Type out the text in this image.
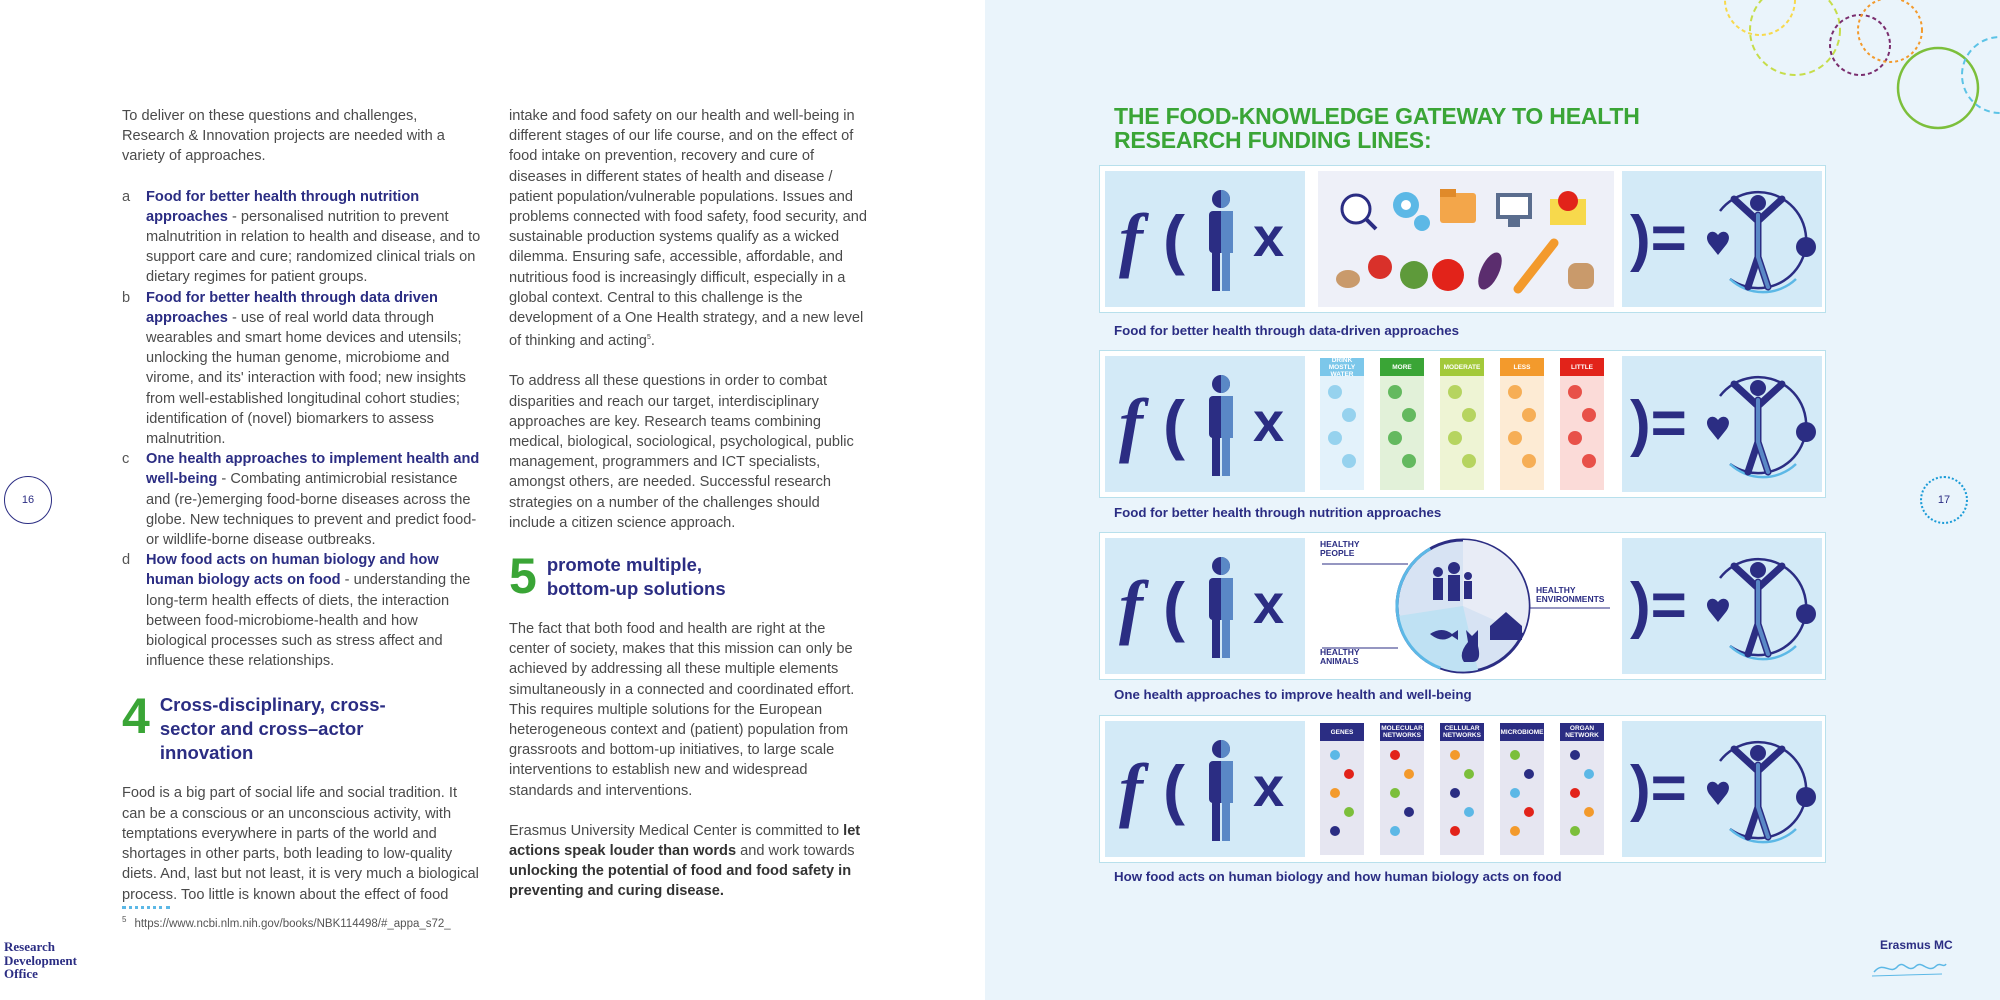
To deliver on these questions and challenges, Research & Innovation projects are needed with a variety of approaches.

a Food for better health through nutrition approaches - personalised nutrition to prevent malnutrition in relation to health and disease, and to support care and cure; randomized clinical trials on dietary regimes for patient groups.
b Food for better health through data driven approaches - use of real world data through wearables and smart home devices and utensils; unlocking the human genome, microbiome and virome, and its' interaction with food; new insights from well-established longitudinal cohort studies; identification of (novel) biomarkers to assess malnutrition.
c One health approaches to implement health and well-being - Combating antimicrobial resistance and (re-)emerging food-borne diseases across the globe. New techniques to prevent and predict food- or wildlife-borne disease outbreaks.
d How food acts on human biology and how human biology acts on food - understanding the long-term health effects of diets, the interaction between food-microbiome-health and how biological processes such as stress affect and influence these relationships.
4 Cross-disciplinary, cross-sector and cross–actor innovation

Food is a big part of social life and social tradition. It can be a conscious or an unconscious activity, with temptations everywhere in parts of the world and shortages in other parts, both leading to low-quality diets. And, last but not least, it is very much a biological process. Too little is known about the effect of food

intake and food safety on our health and well-being in different stages of our life course, and on the effect of food intake on prevention, recovery and cure of diseases in different states of health and disease / patient population/vulnerable populations. Issues and problems connected with food safety, food security, and sustainable production systems qualify as a wicked dilemma. Ensuring safe, accessible, affordable, and nutritious food is increasingly difficult, especially in a global context. Central to this challenge is the development of a One Health strategy, and a new level of thinking and acting$^5$.

To address all these questions in order to combat disparities and reach our target, interdisciplinary approaches are key. Research teams combining medical, biological, sociological, psychological, public management, programmers and ICT specialists, amongst others, are needed. Successful research strategies on a number of the challenges should include a citizen science approach.

5 promote multiple, bottom-up solutions

The fact that both food and health are right at the center of society, makes that this mission can only be achieved by addressing all these multiple elements simultaneously in a connected and coordinated effort. This requires multiple solutions for the European heterogeneous context and (patient) population from grassroots and bottom-up initiatives, to large scale interventions to establish new and widespread standards and interventions.

Erasmus University Medical Center is committed to let actions speak louder than words and work towards unlocking the potential of food and food safety in preventing and curing disease.

$^5$ https://www.ncbi.nlm.nih.gov/books/NBK114498/#_appa_s72_
16
Research
Development
Office
THE FOOD-KNOWLEDGE GATEWAY TO HEALTH
RESEARCH FUNDING LINES:
f ( x	)=
Food for better health through data-driven approaches
f ( x
DRINK MOSTLY WATER
MORE	MODERATE	LESS	LITTLE
)=
Food for better health through nutrition approaches
f ( x
HEALTHY PEOPLE
HEALTHY ENVIRONMENTS
HEALTHY ANIMALS
)=
One health approaches to improve health and well-being
f ( x
GENES	MOLECULAR NETWORKS
CELLULAR NETWORKS	MICROBIOME	ORGAN NETWORK
)=
How food acts on human biology and how human biology acts on food
17
Erasmus MC
